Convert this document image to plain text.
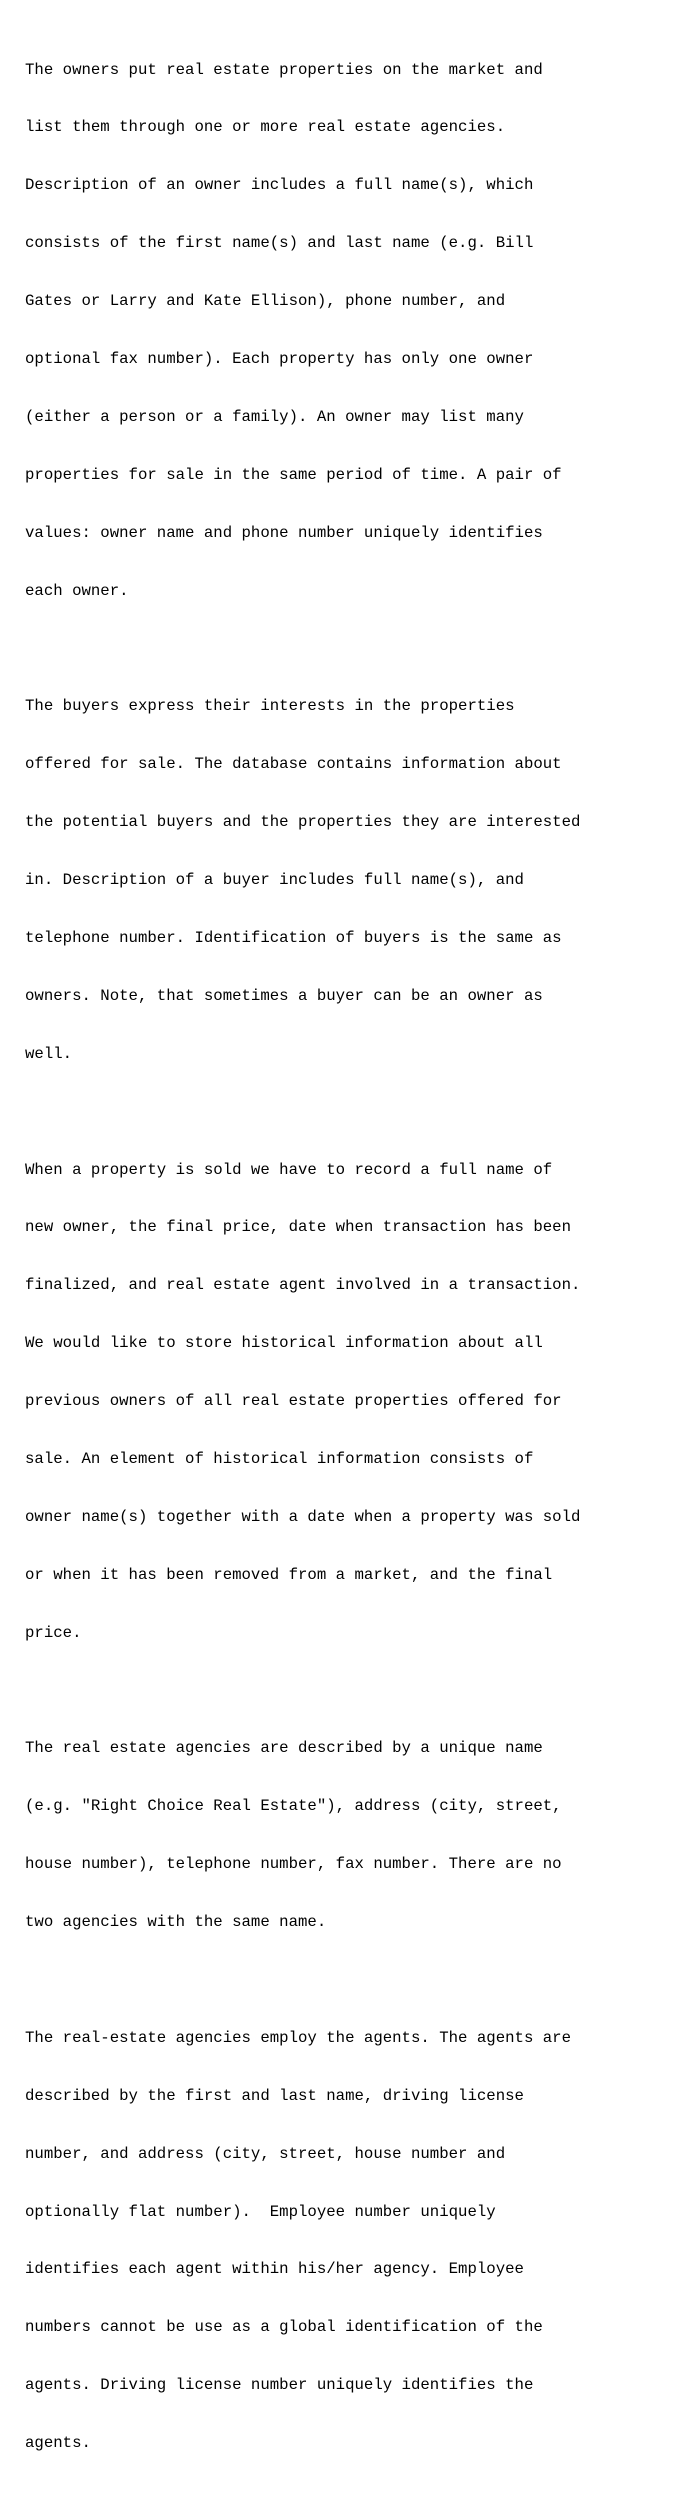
The owners put real estate properties on the market and

list them through one or more real estate agencies.

Description of an owner includes a full name(s), which

consists of the first name(s) and last name (e.g. Bill

Gates or Larry and Kate Ellison), phone number, and

optional fax number). Each property has only one owner

(either a person or a family). An owner may list many

properties for sale in the same period of time. A pair of

values: owner name and phone number uniquely identifies

each owner.

The buyers express their interests in the properties

offered for sale. The database contains information about

the potential buyers and the properties they are interested

in. Description of a buyer includes full name(s), and

telephone number. Identification of buyers is the same as

owners. Note, that sometimes a buyer can be an owner as

well.

When a property is sold we have to record a full name of

new owner, the final price, date when transaction has been

finalized, and real estate agent involved in a transaction.

We would like to store historical information about all

previous owners of all real estate properties offered for

sale. An element of historical information consists of

owner name(s) together with a date when a property was sold

or when it has been removed from a market, and the final

price.

The real estate agencies are described by a unique name

(e.g. "Right Choice Real Estate"), address (city, street,

house number), telephone number, fax number. There are no

two agencies with the same name.

The real-estate agencies employ the agents. The agents are

described by the first and last name, driving license

number, and address (city, street, house number and

optionally flat number).  Employee number uniquely

identifies each agent within his/her agency. Employee

numbers cannot be use as a global identification of the

agents. Driving license number uniquely identifies the

agents.
